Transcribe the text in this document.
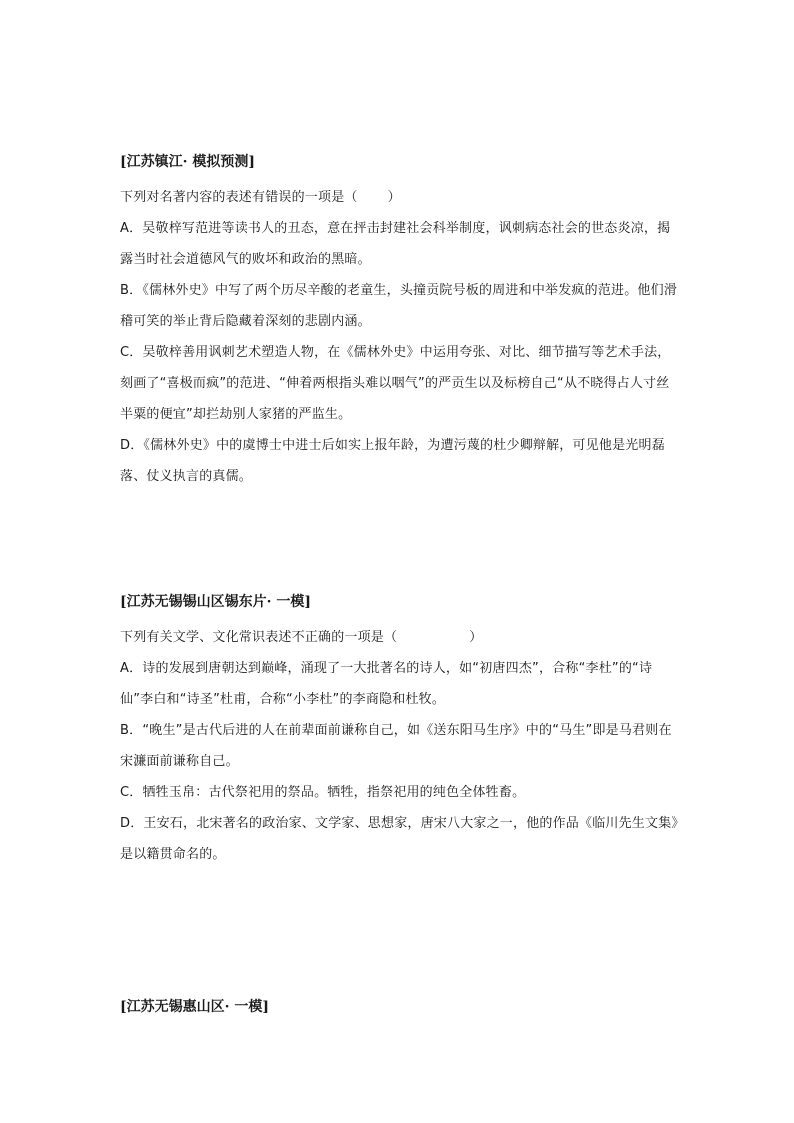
[江苏镇江· 模拟预测]

下列对名著内容的表述有错误的一项是（ ）

A．吴敬梓写范进等读书人的丑态，意在抨击封建社会科举制度，讽刺病态社会的世态炎凉，揭露当时社会道德风气的败坏和政治的黑暗。

B．《儒林外史》中写了两个历尽辛酸的老童生，头撞贡院号板的周进和中举发疯的范进。他们滑稽可笑的举止背后隐藏着深刻的悲剧内涵。

C．吴敬梓善用讽刺艺术塑造人物，在《儒林外史》中运用夸张、对比、细节描写等艺术手法，刻画了“喜极而疯”的范进、“伸着两根指头难以咽气”的严贡生以及标榜自己“从不晓得占人寸丝半粟的便宜”却拦劫别人家猪的严监生。

D．《儒林外史》中的虞博士中进士后如实上报年龄，为遭污蔑的杜少卿辩解，可见他是光明磊落、仗义执言的真儒。

[江苏无锡锡山区锡东片· 一模]

下列有关文学、文化常识表述不正确的一项是（	）

A．诗的发展到唐朝达到巅峰，涌现了一大批著名的诗人，如“初唐四杰”，合称“李杜”的“诗仙”李白和“诗圣”杜甫，合称“小李杜”的李商隐和杜牧。

B．“晚生”是古代后进的人在前辈面前谦称自己，如《送东阳马生序》中的“马生”即是马君则在宋濂面前谦称自己。

C．牺牲玉帛：古代祭祀用的祭品。牺牲，指祭祀用的纯色全体牲畜。

D．王安石，北宋著名的政治家、文学家、思想家，唐宋八大家之一，他的作品《临川先生文集》是以籍贯命名的。

[江苏无锡惠山区· 一模]
